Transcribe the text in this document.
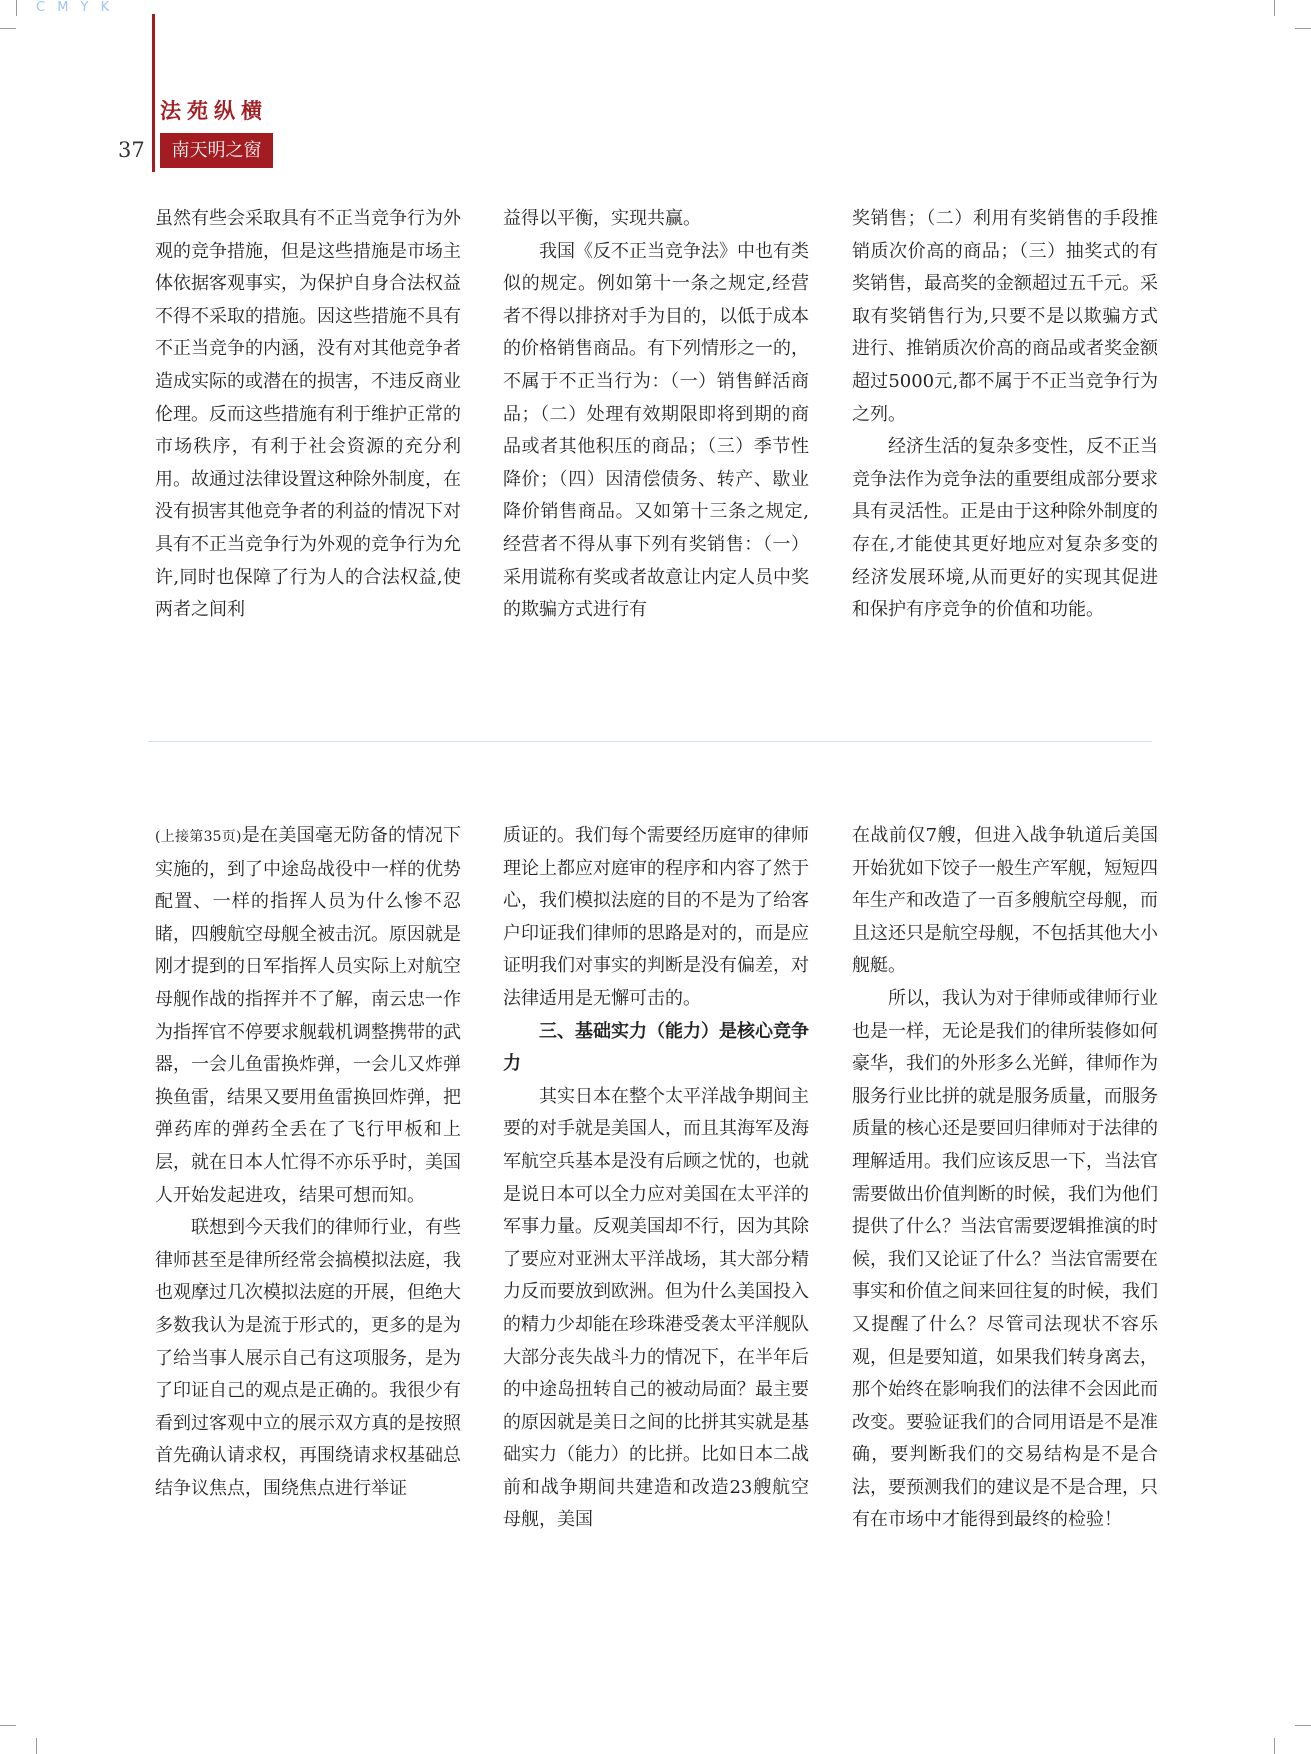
C M Y K
法苑纵横
37	南天明之窗

虽然有些会采取具有不正当竞争行为外观的竞争措施，但是这些措施是市场主体依据客观事实，为保护自身合法权益不得不采取的措施。因这些措施不具有不正当竞争的内涵，没有对其他竞争者造成实际的或潜在的损害，不违反商业伦理。反而这些措施有利于维护正常的市场秩序，有利于社会资源的充分利用。故通过法律设置这种除外制度，在没有损害其他竞争者的利益的情况下对具有不正当竞争行为外观的竞争行为允许,同时也保障了行为人的合法权益,使两者之间利

益得以平衡，实现共赢。

我国《反不正当竞争法》中也有类似的规定。例如第十一条之规定,经营者不得以排挤对手为目的，以低于成本的价格销售商品。有下列情形之一的，不属于不正当行为：（一）销售鲜活商品；（二）处理有效期限即将到期的商品或者其他积压的商品；（三）季节性降价；（四）因清偿债务、转产、歇业降价销售商品。又如第十三条之规定,经营者不得从事下列有奖销售：（一）采用谎称有奖或者故意让内定人员中奖的欺骗方式进行有

奖销售；（二）利用有奖销售的手段推销质次价高的商品；（三）抽奖式的有奖销售，最高奖的金额超过五千元。采取有奖销售行为,只要不是以欺骗方式进行、推销质次价高的商品或者奖金额超过5000元,都不属于不正当竞争行为之列。

经济生活的复杂多变性，反不正当竞争法作为竞争法的重要组成部分要求具有灵活性。正是由于这种除外制度的存在,才能使其更好地应对复杂多变的经济发展环境,从而更好的实现其促进和保护有序竞争的价值和功能。

(上接第35页)是在美国毫无防备的情况下实施的，到了中途岛战役中一样的优势配置、一样的指挥人员为什么惨不忍睹，四艘航空母舰全被击沉。原因就是刚才提到的日军指挥人员实际上对航空母舰作战的指挥并不了解，南云忠一作为指挥官不停要求舰载机调整携带的武器，一会儿鱼雷换炸弹，一会儿又炸弹换鱼雷，结果又要用鱼雷换回炸弹，把弹药库的弹药全丢在了飞行甲板和上层，就在日本人忙得不亦乐乎时，美国人开始发起进攻，结果可想而知。

联想到今天我们的律师行业，有些律师甚至是律所经常会搞模拟法庭，我也观摩过几次模拟法庭的开展，但绝大多数我认为是流于形式的，更多的是为了给当事人展示自己有这项服务，是为了印证自己的观点是正确的。我很少有看到过客观中立的展示双方真的是按照首先确认请求权，再围绕请求权基础总结争议焦点，围绕焦点进行举证

质证的。我们每个需要经历庭审的律师理论上都应对庭审的程序和内容了然于心，我们模拟法庭的目的不是为了给客户印证我们律师的思路是对的，而是应证明我们对事实的判断是没有偏差，对法律适用是无懈可击的。

三、基础实力（能力）是核心竞争力

其实日本在整个太平洋战争期间主要的对手就是美国人，而且其海军及海军航空兵基本是没有后顾之忧的，也就是说日本可以全力应对美国在太平洋的军事力量。反观美国却不行，因为其除了要应对亚洲太平洋战场，其大部分精力反而要放到欧洲。但为什么美国投入的精力少却能在珍珠港受袭太平洋舰队大部分丧失战斗力的情况下，在半年后的中途岛扭转自己的被动局面？最主要的原因就是美日之间的比拼其实就是基础实力（能力）的比拼。比如日本二战前和战争期间共建造和改造23艘航空母舰，美国

在战前仅7艘，但进入战争轨道后美国开始犹如下饺子一般生产军舰，短短四年生产和改造了一百多艘航空母舰，而且这还只是航空母舰，不包括其他大小舰艇。

所以，我认为对于律师或律师行业也是一样，无论是我们的律所装修如何豪华，我们的外形多么光鲜，律师作为服务行业比拼的就是服务质量，而服务质量的核心还是要回归律师对于法律的理解适用。我们应该反思一下，当法官需要做出价值判断的时候，我们为他们提供了什么？当法官需要逻辑推演的时候，我们又论证了什么？当法官需要在事实和价值之间来回往复的时候，我们又提醒了什么？尽管司法现状不容乐观，但是要知道，如果我们转身离去，那个始终在影响我们的法律不会因此而改变。要验证我们的合同用语是不是准确，要判断我们的交易结构是不是合法，要预测我们的建议是不是合理，只有在市场中才能得到最终的检验！
